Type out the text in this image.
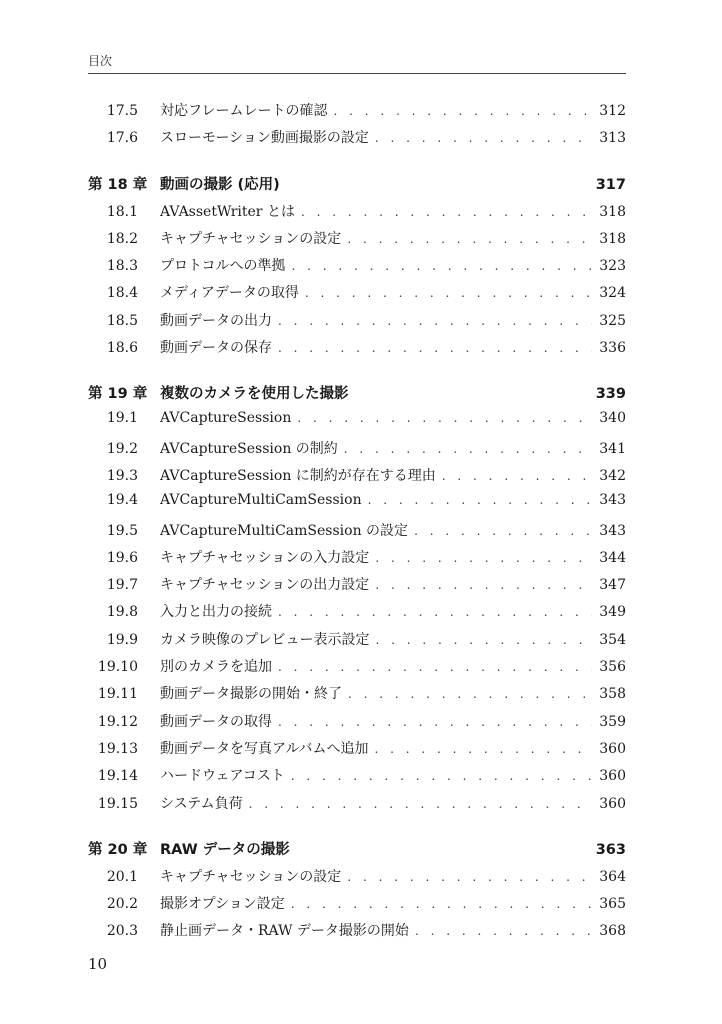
目次
17.5 対応フレームレートの確認 . . .	312
17.6 スローモーション動画撮影の設定 . . .	313
第 18 章 動画の撮影 (応用)	317
18.1 AVAssetWriter とは . . .	318
18.2 キャプチャセッションの設定 . . .	318
18.3 プロトコルへの準拠 . . .	323
18.4 メディアデータの取得 . . .	324
18.5 動画データの出力 . . .	325
18.6 動画データの保存 . . .	336
第 19 章 複数のカメラを使用した撮影	339
19.1 AVCaptureSession . . .	340
19.2 AVCaptureSession の制約 . . .	341
19.3 AVCaptureSession に制約が存在する理由 . . .	342
19.4 AVCaptureMultiCamSession . . .	343
19.5 AVCaptureMultiCamSession の設定 . . .	343
19.6 キャプチャセッションの入力設定 . . .	344
19.7 キャプチャセッションの出力設定 . . .	347
19.8 入力と出力の接続 . . .	349
19.9 カメラ映像のプレビュー表示設定 . . .	354
19.10 別のカメラを追加 . . .	356
19.11 動画データ撮影の開始・終了 . . .	358
19.12 動画データの取得 . . .	359
19.13 動画データを写真アルバムへ追加 . . .	360
19.14 ハードウェアコスト . . .	360
19.15 システム負荷 . . .	360
第 20 章 RAW データの撮影	363
20.1 キャプチャセッションの設定 . . .	364
20.2 撮影オプション設定 . . .	365
20.3 静止画データ・RAW データ撮影の開始 . . .	368
10
